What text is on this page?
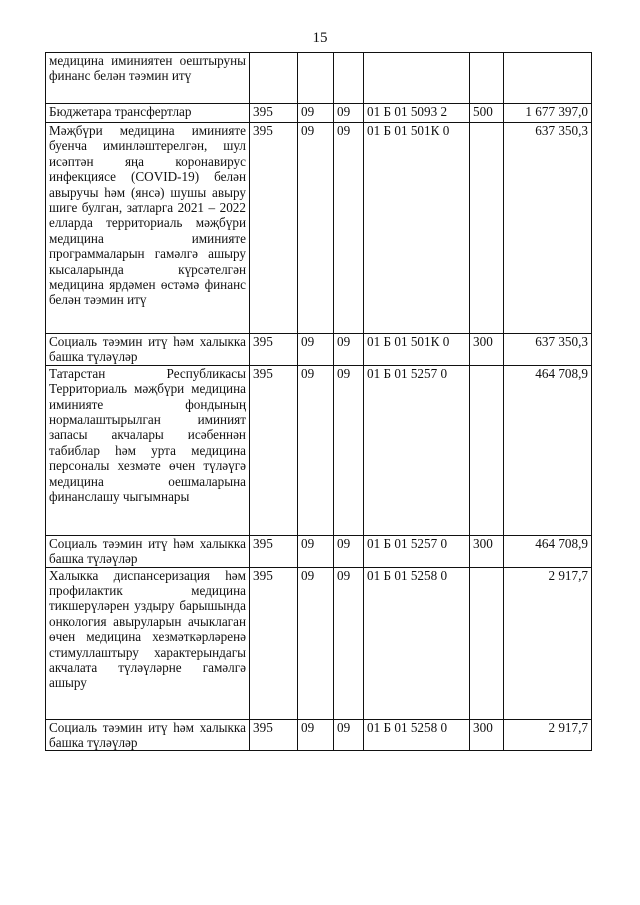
15
медицина иминиятен оештыруны финанс белән тәэмин итү						
Бюджетара трансфертлар	395	09	09	01 Б 01 5093 2	500	1 677 397,0
Мәҗбүри медицина иминияте буенча иминләштерелгән, шул исәптән яңа коронавирус инфекциясе (COVID-19) белән авыручы һәм (янсә) шушы авыру шиге булган, затларга 2021 – 2022 елларда территориаль мәҗбүри медицина иминияте программаларын гамәлгә ашыру кысаларында күрсәтелгән медицина ярдәмен өстәмә финанс белән тәэмин итү	395	09	09	01 Б 01 501К 0		637 350,3
Социаль тәэмин итү һәм халыкка башка түләүләр	395	09	09	01 Б 01 501К 0	300	637 350,3
Татарстан Республикасы Территориаль мәҗбүри медицина иминияте фондының нормалаштырылган иминият запасы акчалары исәбеннән табиблар һәм урта медицина персоналы хезмәте өчен түләүгә медицина оешмаларына финанслашу чыгымнары	395	09	09	01 Б 01 5257 0		464 708,9
Социаль тәэмин итү һәм халыкка башка түләүләр	395	09	09	01 Б 01 5257 0	300	464 708,9
Халыкка диспансеризация һәм профилактик медицина тикшерүләрен уздыру барышында онкология авыруларын ачыклаган өчен медицина хезмәткәрләренә стимуллаштыру характерындагы акчалата түләүләрне гамәлгә ашыру	395	09	09	01 Б 01 5258 0		2 917,7
Социаль тәэмин итү һәм халыкка башка түләүләр	395	09	09	01 Б 01 5258 0	300	2 917,7
